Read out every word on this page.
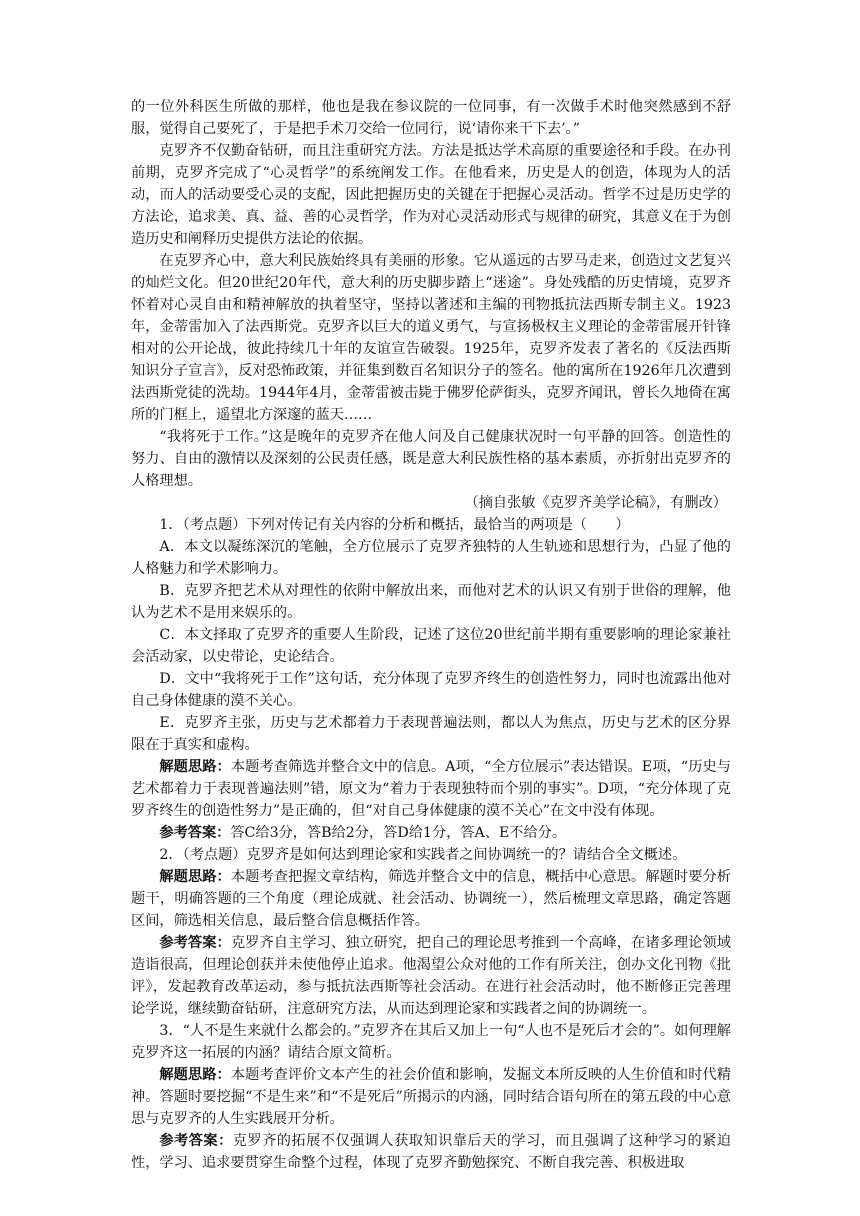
的一位外科医生所做的那样，他也是我在参议院的一位同事，有一次做手术时他突然感到不舒服，觉得自己要死了，于是把手术刀交给一位同行，说‘请你来干下去’。”

克罗齐不仅勤奋钻研，而且注重研究方法。方法是抵达学术高原的重要途径和手段。在办刊前期，克罗齐完成了“心灵哲学”的系统阐发工作。在他看来，历史是人的创造，体现为人的活动，而人的活动要受心灵的支配，因此把握历史的关键在于把握心灵活动。哲学不过是历史学的方法论，追求美、真、益、善的心灵哲学，作为对心灵活动形式与规律的研究，其意义在于为创造历史和阐释历史提供方法论的依据。

在克罗齐心中，意大利民族始终具有美丽的形象。它从遥远的古罗马走来，创造过文艺复兴的灿烂文化。但20世纪20年代，意大利的历史脚步踏上“迷途”。身处残酷的历史情境，克罗齐怀着对心灵自由和精神解放的执着坚守，坚持以著述和主编的刊物抵抗法西斯专制主义。1923年，金蒂雷加入了法西斯党。克罗齐以巨大的道义勇气，与宣扬极权主义理论的金蒂雷展开针锋相对的公开论战，彼此持续几十年的友谊宣告破裂。1925年，克罗齐发表了著名的《反法西斯知识分子宣言》，反对恐怖政策，并征集到数百名知识分子的签名。他的寓所在1926年几次遭到法西斯党徒的洗劫。1944年4月，金蒂雷被击毙于佛罗伦萨街头，克罗齐闻讯，曾长久地倚在寓所的门框上，遥望北方深邃的蓝天……

“我将死于工作。”这是晚年的克罗齐在他人问及自己健康状况时一句平静的回答。创造性的努力、自由的激情以及深刻的公民责任感，既是意大利民族性格的基本素质，亦折射出克罗齐的人格理想。

（摘自张敏《克罗齐美学论稿》，有删改）

1．（考点题）下列对传记有关内容的分析和概括，最恰当的两项是（　　）

A．本文以凝练深沉的笔触，全方位展示了克罗齐独特的人生轨迹和思想行为，凸显了他的人格魅力和学术影响力。

B．克罗齐把艺术从对理性的依附中解放出来，而他对艺术的认识又有别于世俗的理解，他认为艺术不是用来娱乐的。

C．本文择取了克罗齐的重要人生阶段，记述了这位20世纪前半期有重要影响的理论家兼社会活动家，以史带论，史论结合。

D．文中“我将死于工作”这句话，充分体现了克罗齐终生的创造性努力，同时也流露出他对自己身体健康的漠不关心。

E．克罗齐主张，历史与艺术都着力于表现普遍法则，都以人为焦点，历史与艺术的区分界限在于真实和虚构。

解题思路：本题考查筛选并整合文中的信息。A项，“全方位展示”表达错误。E项，“历史与艺术都着力于表现普遍法则”错，原文为“着力于表现独特而个别的事实”。D项，“充分体现了克罗齐终生的创造性努力”是正确的，但“对自己身体健康的漠不关心”在文中没有体现。

参考答案：答C给3分，答B给2分，答D给1分，答A、E不给分。

2．（考点题）克罗齐是如何达到理论家和实践者之间协调统一的？请结合全文概述。

解题思路：本题考查把握文章结构，筛选并整合文中的信息，概括中心意思。解题时要分析题干，明确答题的三个角度（理论成就、社会活动、协调统一），然后梳理文章思路，确定答题区间，筛选相关信息，最后整合信息概括作答。

参考答案：克罗齐自主学习、独立研究，把自己的理论思考推到一个高峰，在诸多理论领域造诣很高，但理论创获并未使他停止追求。他渴望公众对他的工作有所关注，创办文化刊物《批评》，发起教育改革运动，参与抵抗法西斯等社会活动。在进行社会活动时，他不断修正完善理论学说，继续勤奋钻研，注意研究方法，从而达到理论家和实践者之间的协调统一。

3．“人不是生来就什么都会的。”克罗齐在其后又加上一句“人也不是死后才会的”。如何理解克罗齐这一拓展的内涵？请结合原文简析。

解题思路：本题考查评价文本产生的社会价值和影响，发掘文本所反映的人生价值和时代精神。答题时要挖掘“不是生来”和“不是死后”所揭示的内涵，同时结合语句所在的第五段的中心意思与克罗齐的人生实践展开分析。

参考答案：克罗齐的拓展不仅强调人获取知识靠后天的学习，而且强调了这种学习的紧迫性，学习、追求要贯穿生命整个过程，体现了克罗齐勤勉探究、不断自我完善、积极进取
